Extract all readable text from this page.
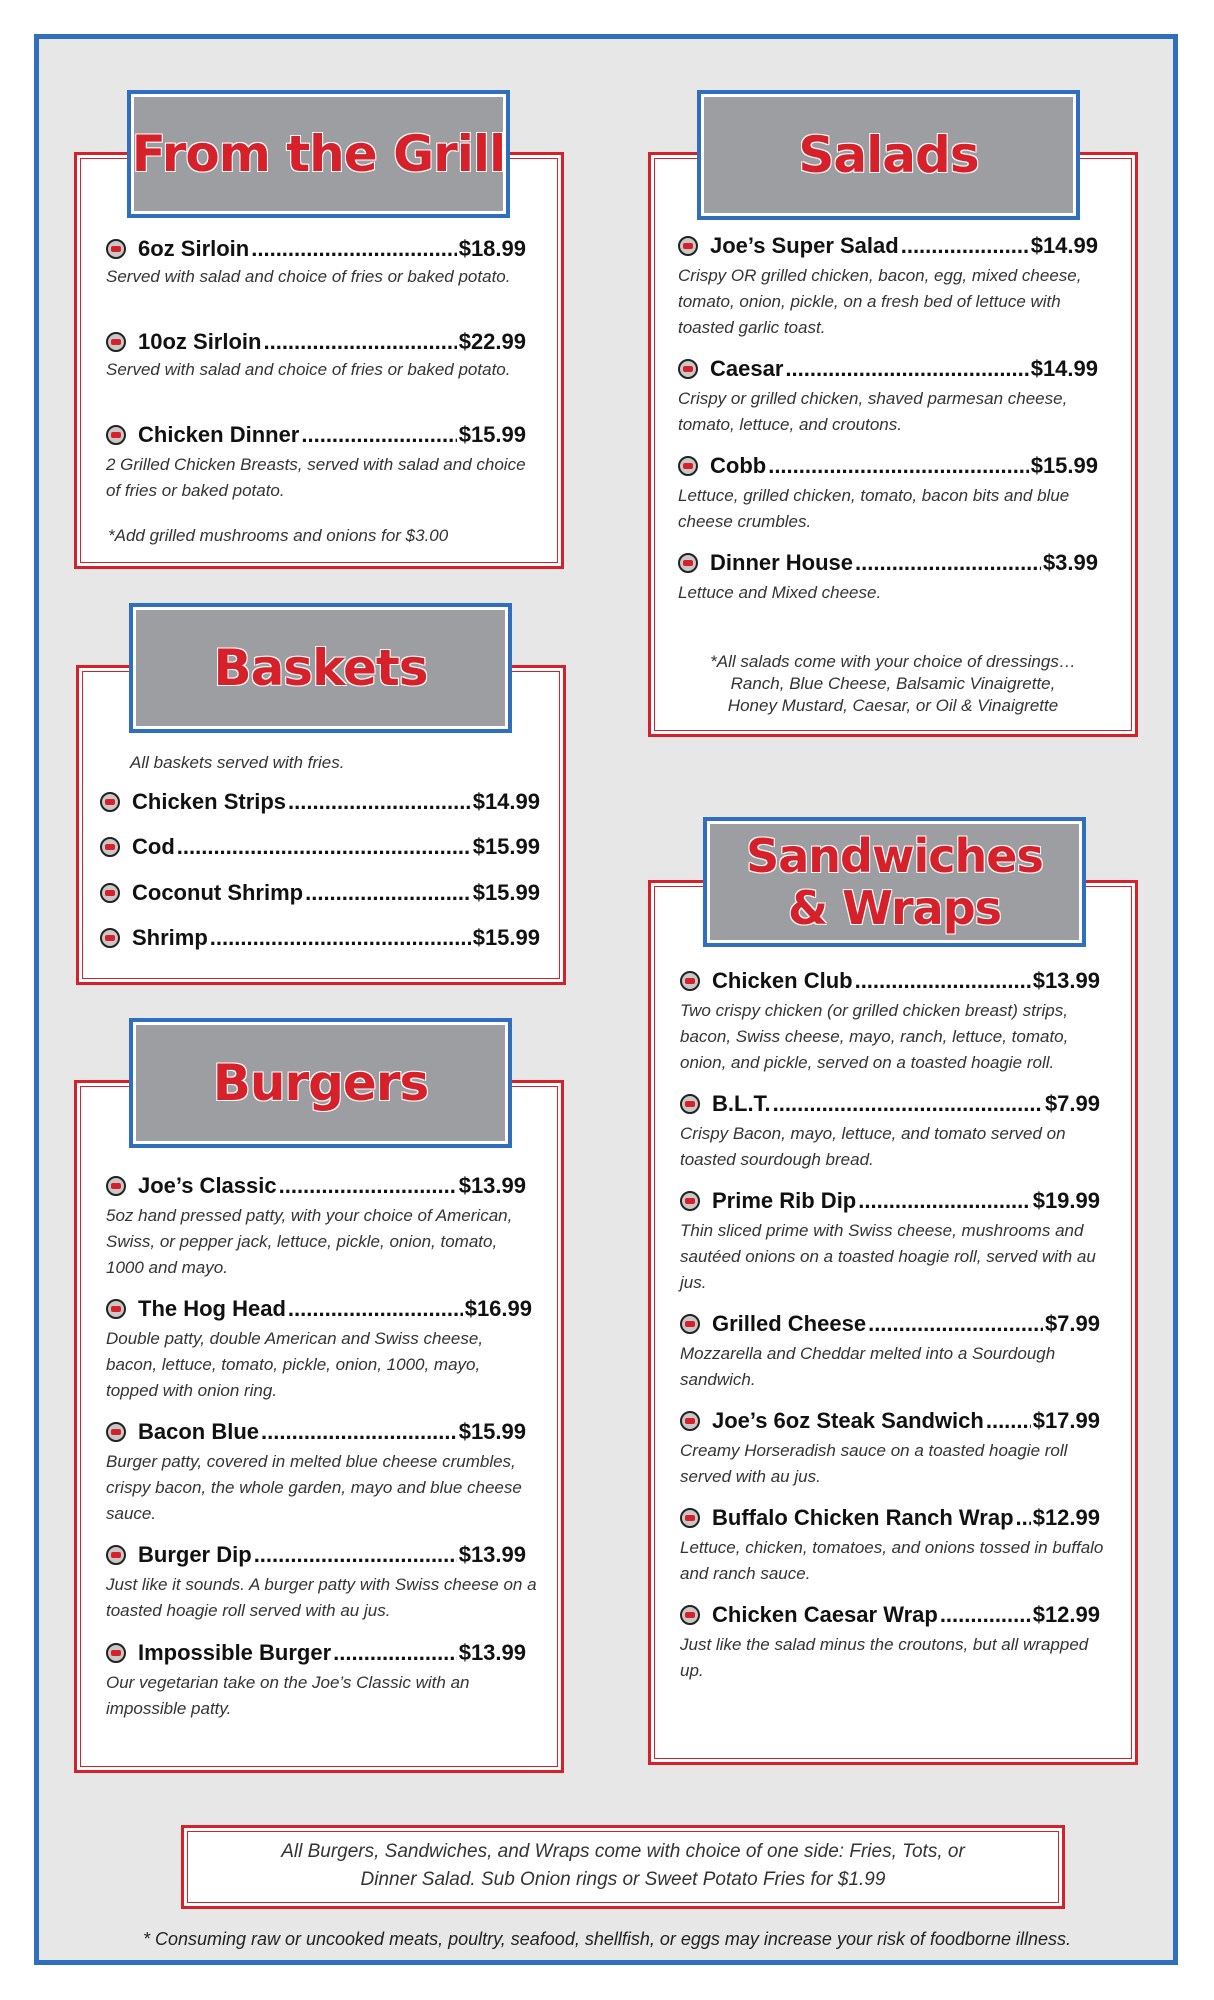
From the Grill
6oz Sirloin .....	$18.99
Served with salad and choice of fries or baked potato.
10oz Sirloin .....	$22.99
Served with salad and choice of fries or baked potato.
Chicken Dinner .....	$15.99
2 Grilled Chicken Breasts, served with salad and choice of fries or baked potato.
*Add grilled mushrooms and onions for $3.00
Baskets
All baskets served with fries.
Chicken Strips .....	$14.99
Cod .....	$15.99
Coconut Shrimp .....	$15.99
Shrimp .....	$15.99
Burgers
Joe’s Classic .....	$13.99
5oz hand pressed patty, with your choice of American, Swiss, or pepper jack, lettuce, pickle, onion, tomato, 1000 and mayo.
The Hog Head .....	$16.99
Double patty, double American and Swiss cheese, bacon, lettuce, tomato, pickle, onion, 1000, mayo, topped with onion ring.
Bacon Blue .....	$15.99
Burger patty, covered in melted blue cheese crumbles, crispy bacon, the whole garden, mayo and blue cheese sauce.
Burger Dip .....	$13.99
Just like it sounds. A burger patty with Swiss cheese on a toasted hoagie roll served with au jus.
Impossible Burger .....	$13.99
Our vegetarian take on the Joe’s Classic with an impossible patty.
Salads
Joe’s Super Salad .....	$14.99
Crispy OR grilled chicken, bacon, egg, mixed cheese, tomato, onion, pickle, on a fresh bed of lettuce with toasted garlic toast.
Caesar .....	$14.99
Crispy or grilled chicken, shaved parmesan cheese, tomato, lettuce, and croutons.
Cobb .....	$15.99
Lettuce, grilled chicken, tomato, bacon bits and blue cheese crumbles.
Dinner House .....	$3.99
Lettuce and Mixed cheese.
*All salads come with your choice of dressings…
Ranch, Blue Cheese, Balsamic Vinaigrette,
Honey Mustard, Caesar, or Oil & Vinaigrette
Sandwiches
& Wraps
Chicken Club .....	$13.99
Two crispy chicken (or grilled chicken breast) strips, bacon, Swiss cheese, mayo, ranch, lettuce, tomato, onion, and pickle, served on a toasted hoagie roll.
B.L.T. .....	$7.99
Crispy Bacon, mayo, lettuce, and tomato served on toasted sourdough bread.
Prime Rib Dip .....	$19.99
Thin sliced prime with Swiss cheese, mushrooms and sautéed onions on a toasted hoagie roll, served with au jus.
Grilled Cheese .....	$7.99
Mozzarella and Cheddar melted into a Sourdough sandwich.
Joe’s 6oz Steak Sandwich ..... $17.99
Creamy Horseradish sauce on a toasted hoagie roll served with au jus.
Buffalo Chicken Ranch Wrap ..... $12.99
Lettuce, chicken, tomatoes, and onions tossed in buffalo and ranch sauce.
Chicken Caesar Wrap .....	$12.99
Just like the salad minus the croutons, but all wrapped up.
All Burgers, Sandwiches, and Wraps come with choice of one side: Fries, Tots, or
Dinner Salad. Sub Onion rings or Sweet Potato Fries for $1.99
* Consuming raw or uncooked meats, poultry, seafood, shellfish, or eggs may increase your risk of foodborne illness.
